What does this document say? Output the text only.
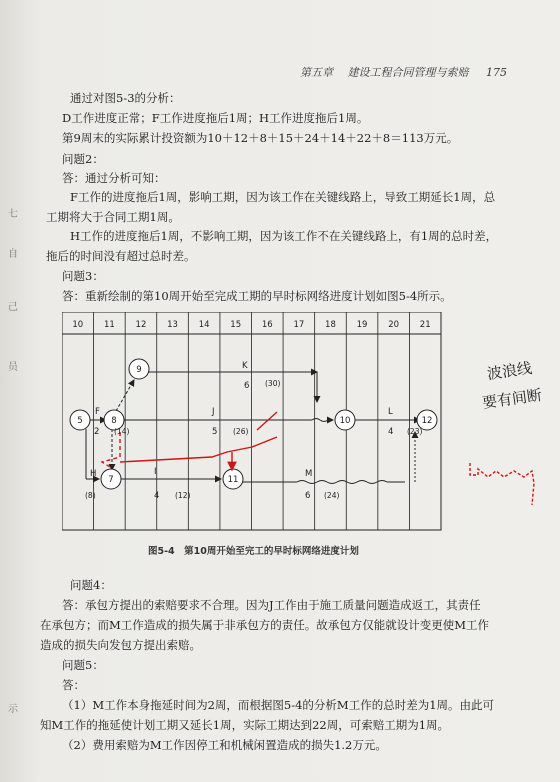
第五章　 建设工程合同管理与索赔 175
通过对图5-3的分析：
D工作进度正常；F工作进度拖后1周；H工作进度拖后1周。
第9周末的实际累计投资额为10＋12＋8＋15＋24＋14＋22＋8＝113万元。
问题2：
答：通过分析可知：
F工作的进度拖后1周，影响工期，因为该工作在关键线路上，导致工期延长1周，总
工期将大于合同工期1周。
H工作的进度拖后1周，不影响工期，因为该工作不在关键线路上，有1周的总时差，
拖后的时间没有超过总时差。
问题3：
答：重新绘制的第10周开始至完成工期的早时标网络进度计划如图5-4所示。
七
自
己
员
示
10 11 12 13 14 15 16 17 18 19 20 21
5
7
8
9
10
11
12
F
H	I
J
K
L
M
2 (14)
(8)	4 (12)
5 (26)
6 (30)
4 (23)
6 (24)
图5-4　第10周开始至完工的早时标网络进度计划
波浪线
要有间断
问题4：
答：承包方提出的索赔要求不合理。因为J工作由于施工质量问题造成返工，其责任
在承包方；而M工作造成的损失属于非承包方的责任。故承包方仅能就设计变更使M工作
造成的损失向发包方提出索赔。
问题5：
答：
（1）M工作本身拖延时间为2周，而根据图5-4的分析M工作的总时差为1周。由此可
知M工作的拖延使计划工期又延长1周，实际工期达到22周，可索赔工期为1周。
（2）费用索赔为M工作因停工和机械闲置造成的损失1.2万元。
